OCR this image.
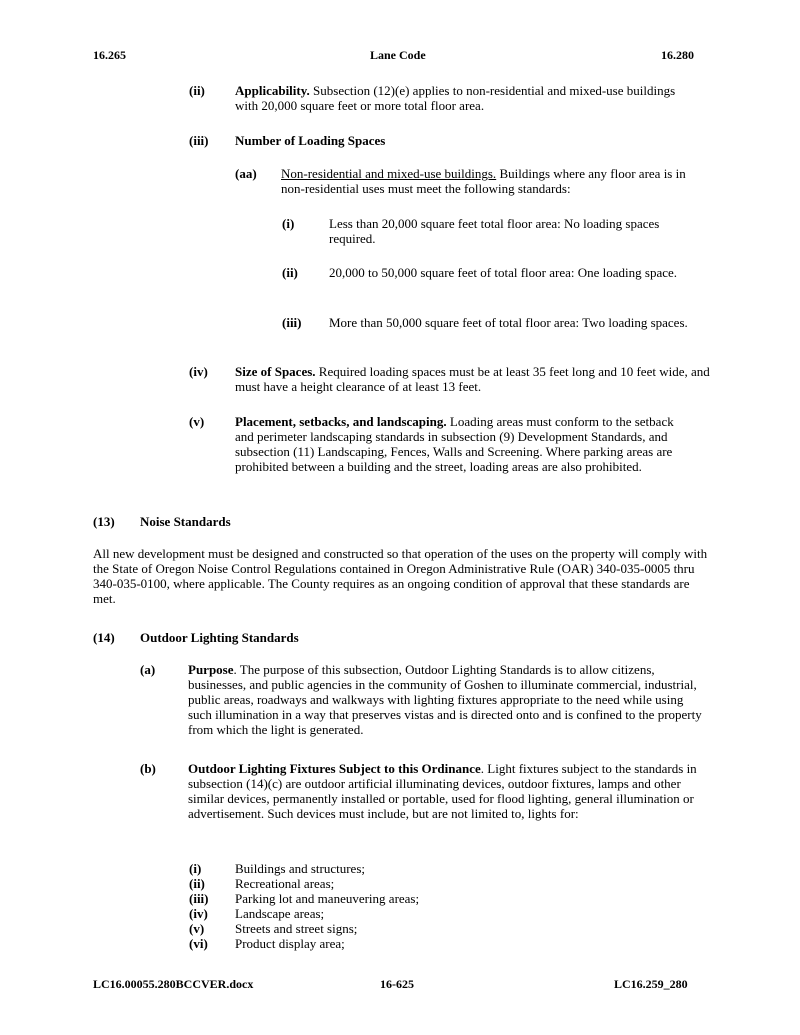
16.265	Lane Code	16.280
(ii) Applicability. Subsection (12)(e) applies to non-residential and mixed-use buildings with 20,000 square feet or more total floor area.
(iii) Number of Loading Spaces
(aa) Non-residential and mixed-use buildings. Buildings where any floor area is in non-residential uses must meet the following standards:
(i)	Less than 20,000 square feet total floor area: No loading spaces required.
(ii) 20,000 to 50,000 square feet of total floor area: One loading space.
(iii) More than 50,000 square feet of total floor area: Two loading spaces.
(iv) Size of Spaces. Required loading spaces must be at least 35 feet long and 10 feet wide, and must have a height clearance of at least 13 feet.
(v) Placement, setbacks, and landscaping. Loading areas must conform to the setback and perimeter landscaping standards in subsection (9) Development Standards, and subsection (11) Landscaping, Fences, Walls and Screening. Where parking areas are prohibited between a building and the street, loading areas are also prohibited.
(13) Noise Standards
All new development must be designed and constructed so that operation of the uses on the property will comply with the State of Oregon Noise Control Regulations contained in Oregon Administrative Rule (OAR) 340-035-0005 thru 340-035-0100, where applicable. The County requires as an ongoing condition of approval that these standards are met.
(14) Outdoor Lighting Standards
(a)	Purpose. The purpose of this subsection, Outdoor Lighting Standards is to allow citizens, businesses, and public agencies in the community of Goshen to illuminate commercial, industrial, public areas, roadways and walkways with lighting fixtures appropriate to the need while using such illumination in a way that preserves vistas and is directed onto and is confined to the property from which the light is generated.
(b) Outdoor Lighting Fixtures Subject to this Ordinance. Light fixtures subject to the standards in subsection (14)(c) are outdoor artificial illuminating devices, outdoor fixtures, lamps and other similar devices, permanently installed or portable, used for flood lighting, general illumination or advertisement. Such devices must include, but are not limited to, lights for:
(i)	Buildings and structures;
(ii) Recreational areas;
(iii) Parking lot and maneuvering areas;
(iv) Landscape areas;
(v) Streets and street signs;
(vi) Product display area;
LC16.00055.280BCCVER.docx	16-625	LC16.259_280
